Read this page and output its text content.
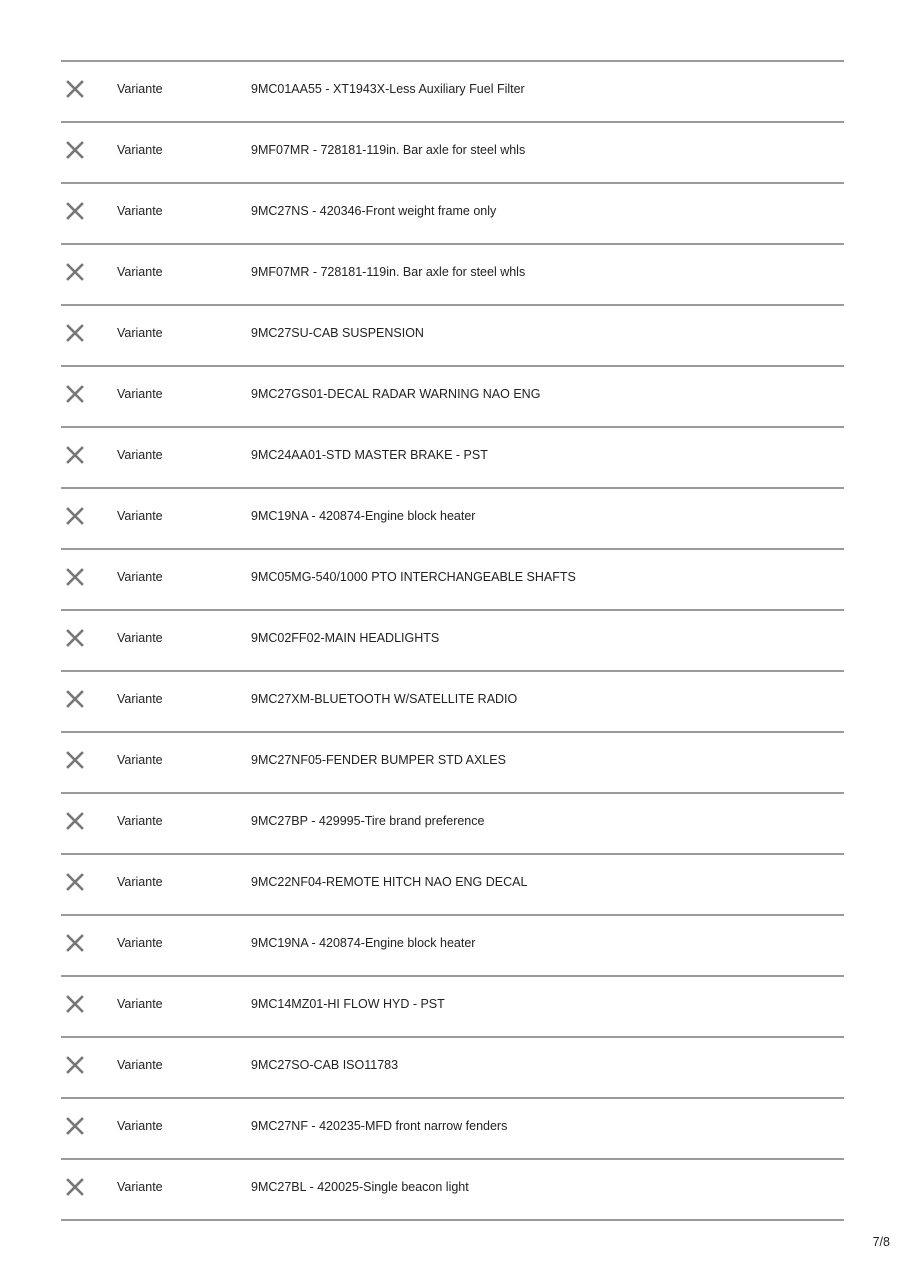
Variante	9MC01AA55 - XT1943X-Less Auxiliary Fuel Filter
Variante	9MF07MR - 728181-119in. Bar axle for steel whls
Variante	9MC27NS - 420346-Front weight frame only
Variante	9MF07MR - 728181-119in. Bar axle for steel whls
Variante	9MC27SU-CAB SUSPENSION
Variante	9MC27GS01-DECAL RADAR WARNING NAO ENG
Variante	9MC24AA01-STD MASTER BRAKE - PST
Variante	9MC19NA - 420874-Engine block heater
Variante	9MC05MG-540/1000 PTO INTERCHANGEABLE SHAFTS
Variante	9MC02FF02-MAIN HEADLIGHTS
Variante	9MC27XM-BLUETOOTH W/SATELLITE RADIO
Variante	9MC27NF05-FENDER BUMPER STD AXLES
Variante	9MC27BP - 429995-Tire brand preference
Variante	9MC22NF04-REMOTE HITCH NAO ENG DECAL
Variante	9MC19NA - 420874-Engine block heater
Variante	9MC14MZ01-HI FLOW HYD - PST
Variante	9MC27SO-CAB ISO11783
Variante	9MC27NF - 420235-MFD front narrow fenders
Variante	9MC27BL - 420025-Single beacon light
7/8
